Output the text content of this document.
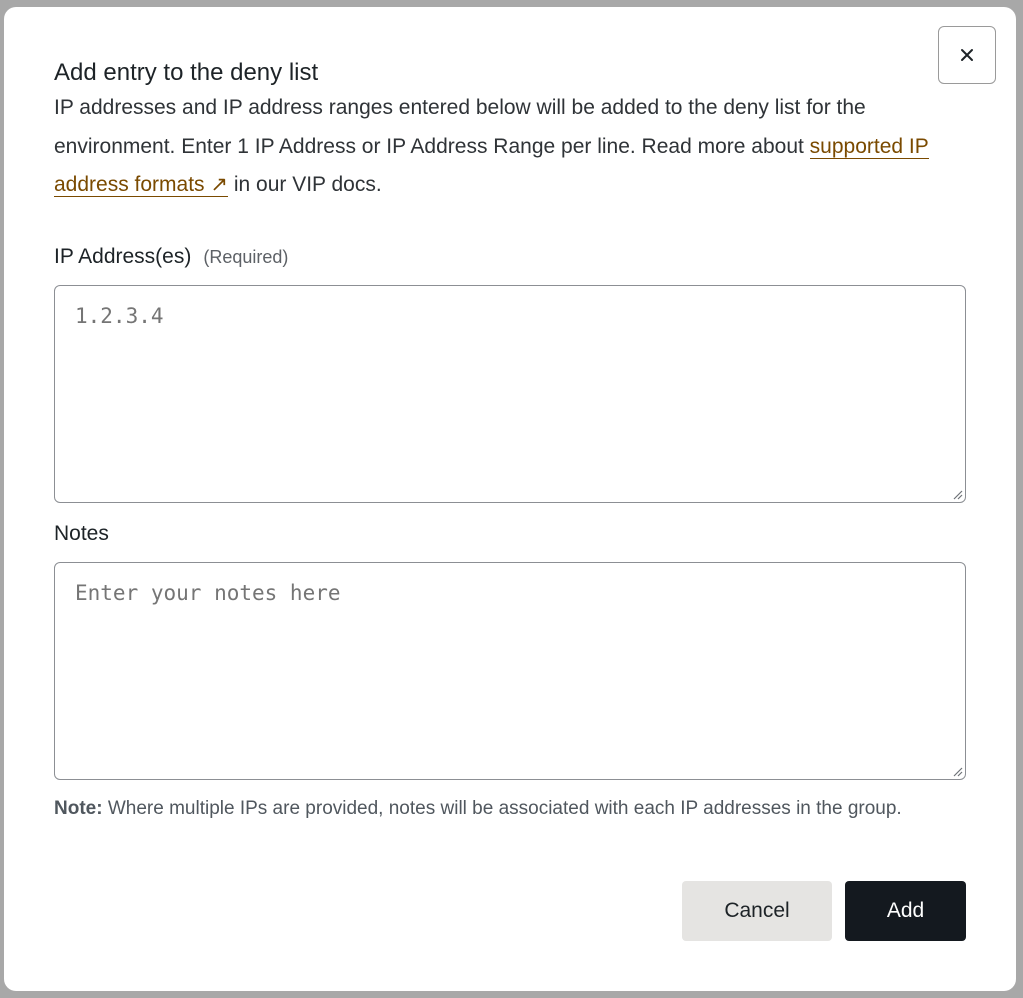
Add entry to the deny list

IP addresses and IP address ranges entered below will be added to the deny list for the environment. Enter 1 IP Address or IP Address Range per line. Read more about supported IP address formats ↗ in our VIP docs.

IP Address(es) (Required)
1.2.3.4
Notes
Enter your notes here

Note: Where multiple IPs are provided, notes will be associated with each IP addresses in the group.

Cancel	Add
